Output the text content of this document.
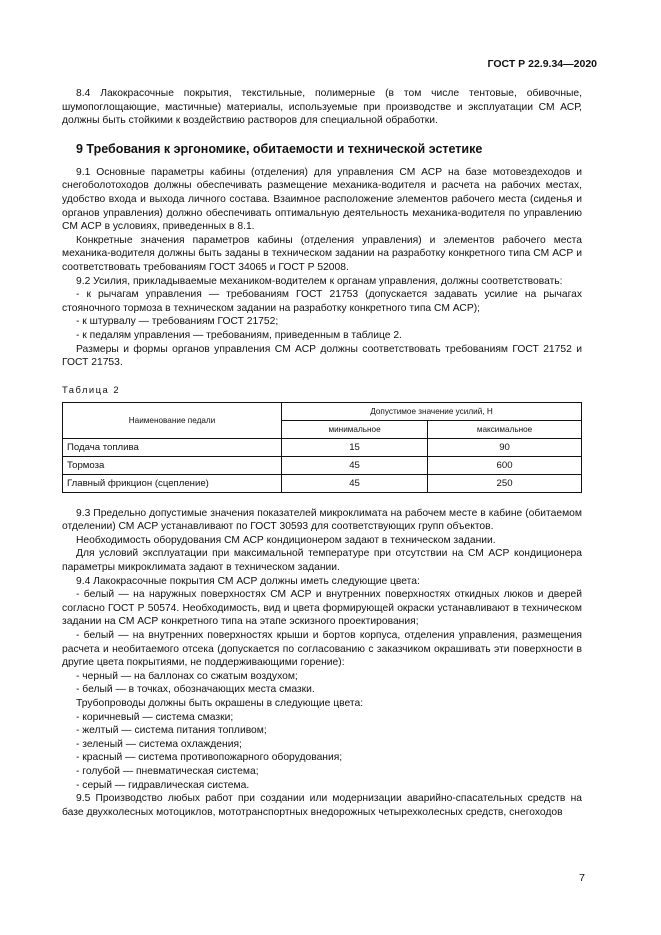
ГОСТ Р 22.9.34—2020

8.4 Лакокрасочные покрытия, текстильные, полимерные (в том числе тентовые, обивочные, шумопоглощающие, мастичные) материалы, используемые при производстве и эксплуатации СМ АСР, должны быть стойкими к воздействию растворов для специальной обработки.

9 Требования к эргономике, обитаемости и технической эстетике

9.1 Основные параметры кабины (отделения) для управления СМ АСР на базе мотовездеходов и снегоболотоходов должны обеспечивать размещение механика-водителя и расчета на рабочих местах, удобство входа и выхода личного состава. Взаимное расположение элементов рабочего места (сиденья и органов управления) должно обеспечивать оптимальную деятельность механика-водителя по управлению СМ АСР в условиях, приведенных в 8.1.

Конкретные значения параметров кабины (отделения управления) и элементов рабочего места механика-водителя должны быть заданы в техническом задании на разработку конкретного типа СМ АСР и соответствовать требованиям ГОСТ 34065 и ГОСТ Р 52008.

9.2 Усилия, прикладываемые механиком-водителем к органам управления, должны соответствовать:

- к рычагам управления — требованиям ГОСТ 21753 (допускается задавать усилие на рычагах стояночного тормоза в техническом задании на разработку конкретного типа СМ АСР);

- к штурвалу — требованиям ГОСТ 21752;

- к педалям управления — требованиям, приведенным в таблице 2.

Размеры и формы органов управления СМ АСР должны соответствовать требованиям ГОСТ 21752 и ГОСТ 21753.

Таблица 2
Наименование педали	Допустимое значение усилий, Н	
	минимальное	максимальное
Подача топлива	15	90
Тормоза	45	600
Главный фрикцион (сцепление)	45	250

9.3 Предельно допустимые значения показателей микроклимата на рабочем месте в кабине (обитаемом отделении) СМ АСР устанавливают по ГОСТ 30593 для соответствующих групп объектов.

Необходимость оборудования СМ АСР кондиционером задают в техническом задании.

Для условий эксплуатации при максимальной температуре при отсутствии на СМ АСР кондиционера параметры микроклимата задают в техническом задании.

9.4 Лакокрасочные покрытия СМ АСР должны иметь следующие цвета:

- белый — на наружных поверхностях СМ АСР и внутренних поверхностях откидных люков и дверей согласно ГОСТ Р 50574. Необходимость, вид и цвета формирующей окраски устанавливают в техническом задании на СМ АСР конкретного типа на этапе эскизного проектирования;

- белый — на внутренних поверхностях крыши и бортов корпуса, отделения управления, размещения расчета и необитаемого отсека (допускается по согласованию с заказчиком окрашивать эти поверхности в другие цвета покрытиями, не поддерживающими горение):

- черный — на баллонах со сжатым воздухом;

- белый — в точках, обозначающих места смазки.

Трубопроводы должны быть окрашены в следующие цвета:

- коричневый — система смазки;

- желтый — система питания топливом;

- зеленый — система охлаждения;

- красный — система противопожарного оборудования;

- голубой — пневматическая система;

- серый — гидравлическая система.

9.5 Производство любых работ при создании или модернизации аварийно-спасательных средств на базе двухколесных мотоциклов, мототранспортных внедорожных четырехколесных средств, снегоходов

7
